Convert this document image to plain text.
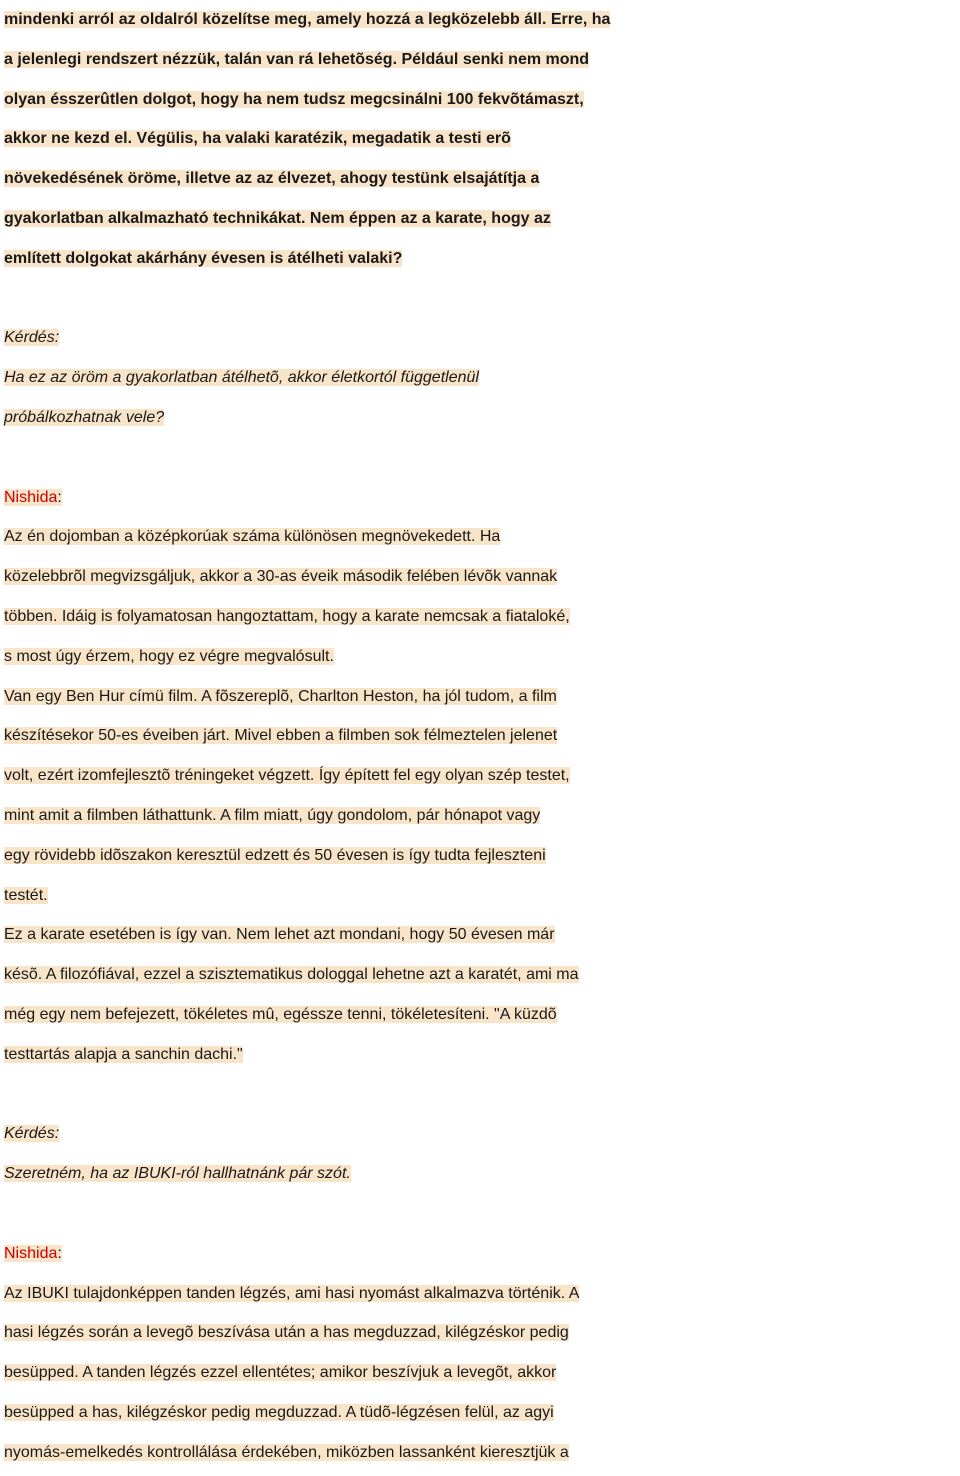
mindenki arról az oldalról közelítse meg, amely hozzá a legközelebb áll. Erre, ha
a jelenlegi rendszert nézzük, talán van rá lehetõség. Például senki nem mond
olyan ésszerûtlen dolgot, hogy ha nem tudsz megcsinálni 100 fekvõtámaszt,
akkor ne kezd el. Végülis, ha valaki karatézik, megadatik a testi erõ
növekedésének öröme, illetve az az élvezet, ahogy testünk elsajátítja a
gyakorlatban alkalmazható technikákat. Nem éppen az a karate, hogy az
említett dolgokat akárhány évesen is átélheti valaki?
Kérdés:
Ha ez az öröm a gyakorlatban átélhetõ, akkor életkortól függetlenül
próbálkozhatnak vele?
Nishida:
Az én dojomban a középkorúak száma különösen megnövekedett. Ha
közelebbrõl megvizsgáljuk, akkor a 30-as éveik második felében lévõk vannak
többen. Idáig is folyamatosan hangoztattam, hogy a karate nemcsak a fiataloké,
s most úgy érzem, hogy ez végre megvalósult.
Van egy Ben Hur címü film. A fõszereplõ, Charlton Heston, ha jól tudom, a film
készítésekor 50-es éveiben járt. Mivel ebben a filmben sok félmeztelen jelenet
volt, ezért izomfejlesztõ tréningeket végzett. Így épített fel egy olyan szép testet,
mint amit a filmben láthattunk. A film miatt, úgy gondolom, pár hónapot vagy
egy rövidebb idõszakon keresztül edzett és 50 évesen is így tudta fejleszteni
testét.
Ez a karate esetében is így van. Nem lehet azt mondani, hogy 50 évesen már
késõ. A filozófiával, ezzel a szisztematikus dologgal lehetne azt a karatét, ami ma
még egy nem befejezett, tökéletes mû, egéssze tenni, tökéletesíteni. "A küzdõ
testtartás alapja a sanchin dachi."
Kérdés:
Szeretném, ha az IBUKI-ról hallhatnánk pár szót.
Nishida:
Az IBUKI tulajdonképpen tanden légzés, ami hasi nyomást alkalmazva történik. A
hasi légzés során a levegõ beszívása után a has megduzzad, kilégzéskor pedig
besüpped. A tanden légzés ezzel ellentétes; amikor beszívjuk a levegõt, akkor
besüpped a has, kilégzéskor pedig megduzzad. A tüdõ-légzésen felül, az agyi
nyomás-emelkedés kontrollálása érdekében, miközben lassanként kieresztjük a
